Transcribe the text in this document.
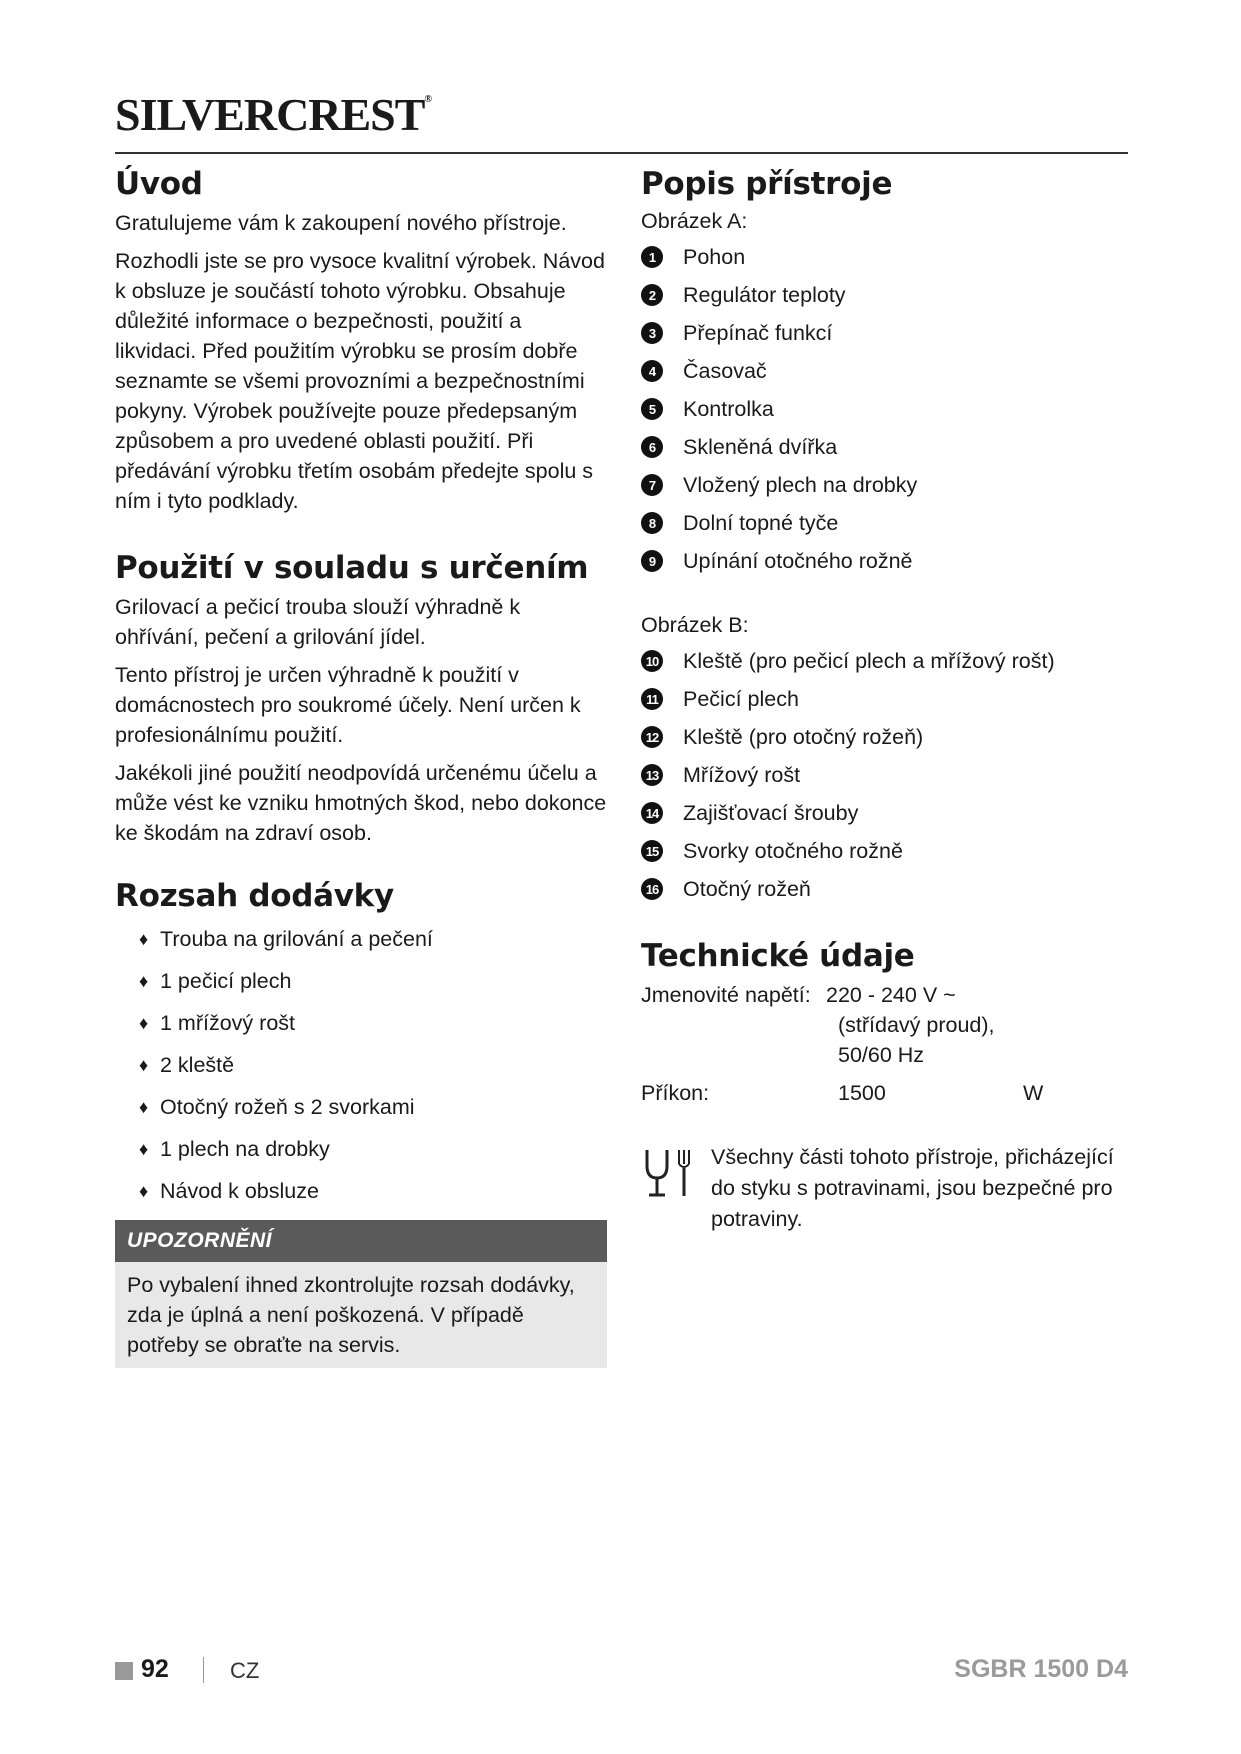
SILVERCREST®
Úvod

Gratulujeme vám k zakoupení nového přístroje.

Rozhodli jste se pro vysoce kvalitní výrobek. Návod k obsluze je součástí tohoto výrobku. Obsahuje důležité informace o bezpečnosti, použití a likvidaci. Před použitím výrobku se prosím dobře seznamte se všemi provozními a bezpečnostními pokyny. Výrobek používejte pouze předepsaným způsobem a pro uvedené oblasti použití. Při předávání výrobku třetím osobám předejte spolu s ním i tyto podklady.

Použití v souladu s určením

Grilovací a pečicí trouba slouží výhradně k ohřívání, pečení a grilování jídel.

Tento přístroj je určen výhradně k použití v domácnostech pro soukromé účely. Není určen k profesionálnímu použití.

Jakékoli jiné použití neodpovídá určenému účelu a může vést ke vzniku hmotných škod, nebo dokonce ke škodám na zdraví osob.

Rozsah dodávky
♦ Trouba na grilování a pečení
♦ 1 pečicí plech
♦ 1 mřížový rošt
♦ 2 kleště
♦ Otočný rožeň s 2 svorkami
♦ 1 plech na drobky
♦ Návod k obsluze
UPOZORNĚNÍ
Po vybalení ihned zkontrolujte rozsah dodávky, zda je úplná a není poškozená. V případě potřeby se obraťte na servis.
Popis přístroje

Obrázek A:

1	Pohon
2	Regulátor teploty
3	Přepínač funkcí
4	Časovač
5	Kontrolka
6	Skleněná dvířka
7	Vložený plech na drobky
8	Dolní topné tyče
9	Upínání otočného rožně

Obrázek B:

10 Kleště (pro pečicí plech a mřížový rošt)
11 Pečicí plech
12 Kleště (pro otočný rožeň)
13 Mřížový rošt
14 Zajišťovací šrouby
15 Svorky otočného rožně
16 Otočný rožeň
Technické údaje
Jmenovité napětí: 220 - 240 V ~
(střídavý proud),
50/60 Hz
Příkon:	1500	W

Všechny části tohoto přístroje, přicházející do styku s potravinami, jsou bezpečné pro potraviny.

92	CZ	SGBR 1500 D4
